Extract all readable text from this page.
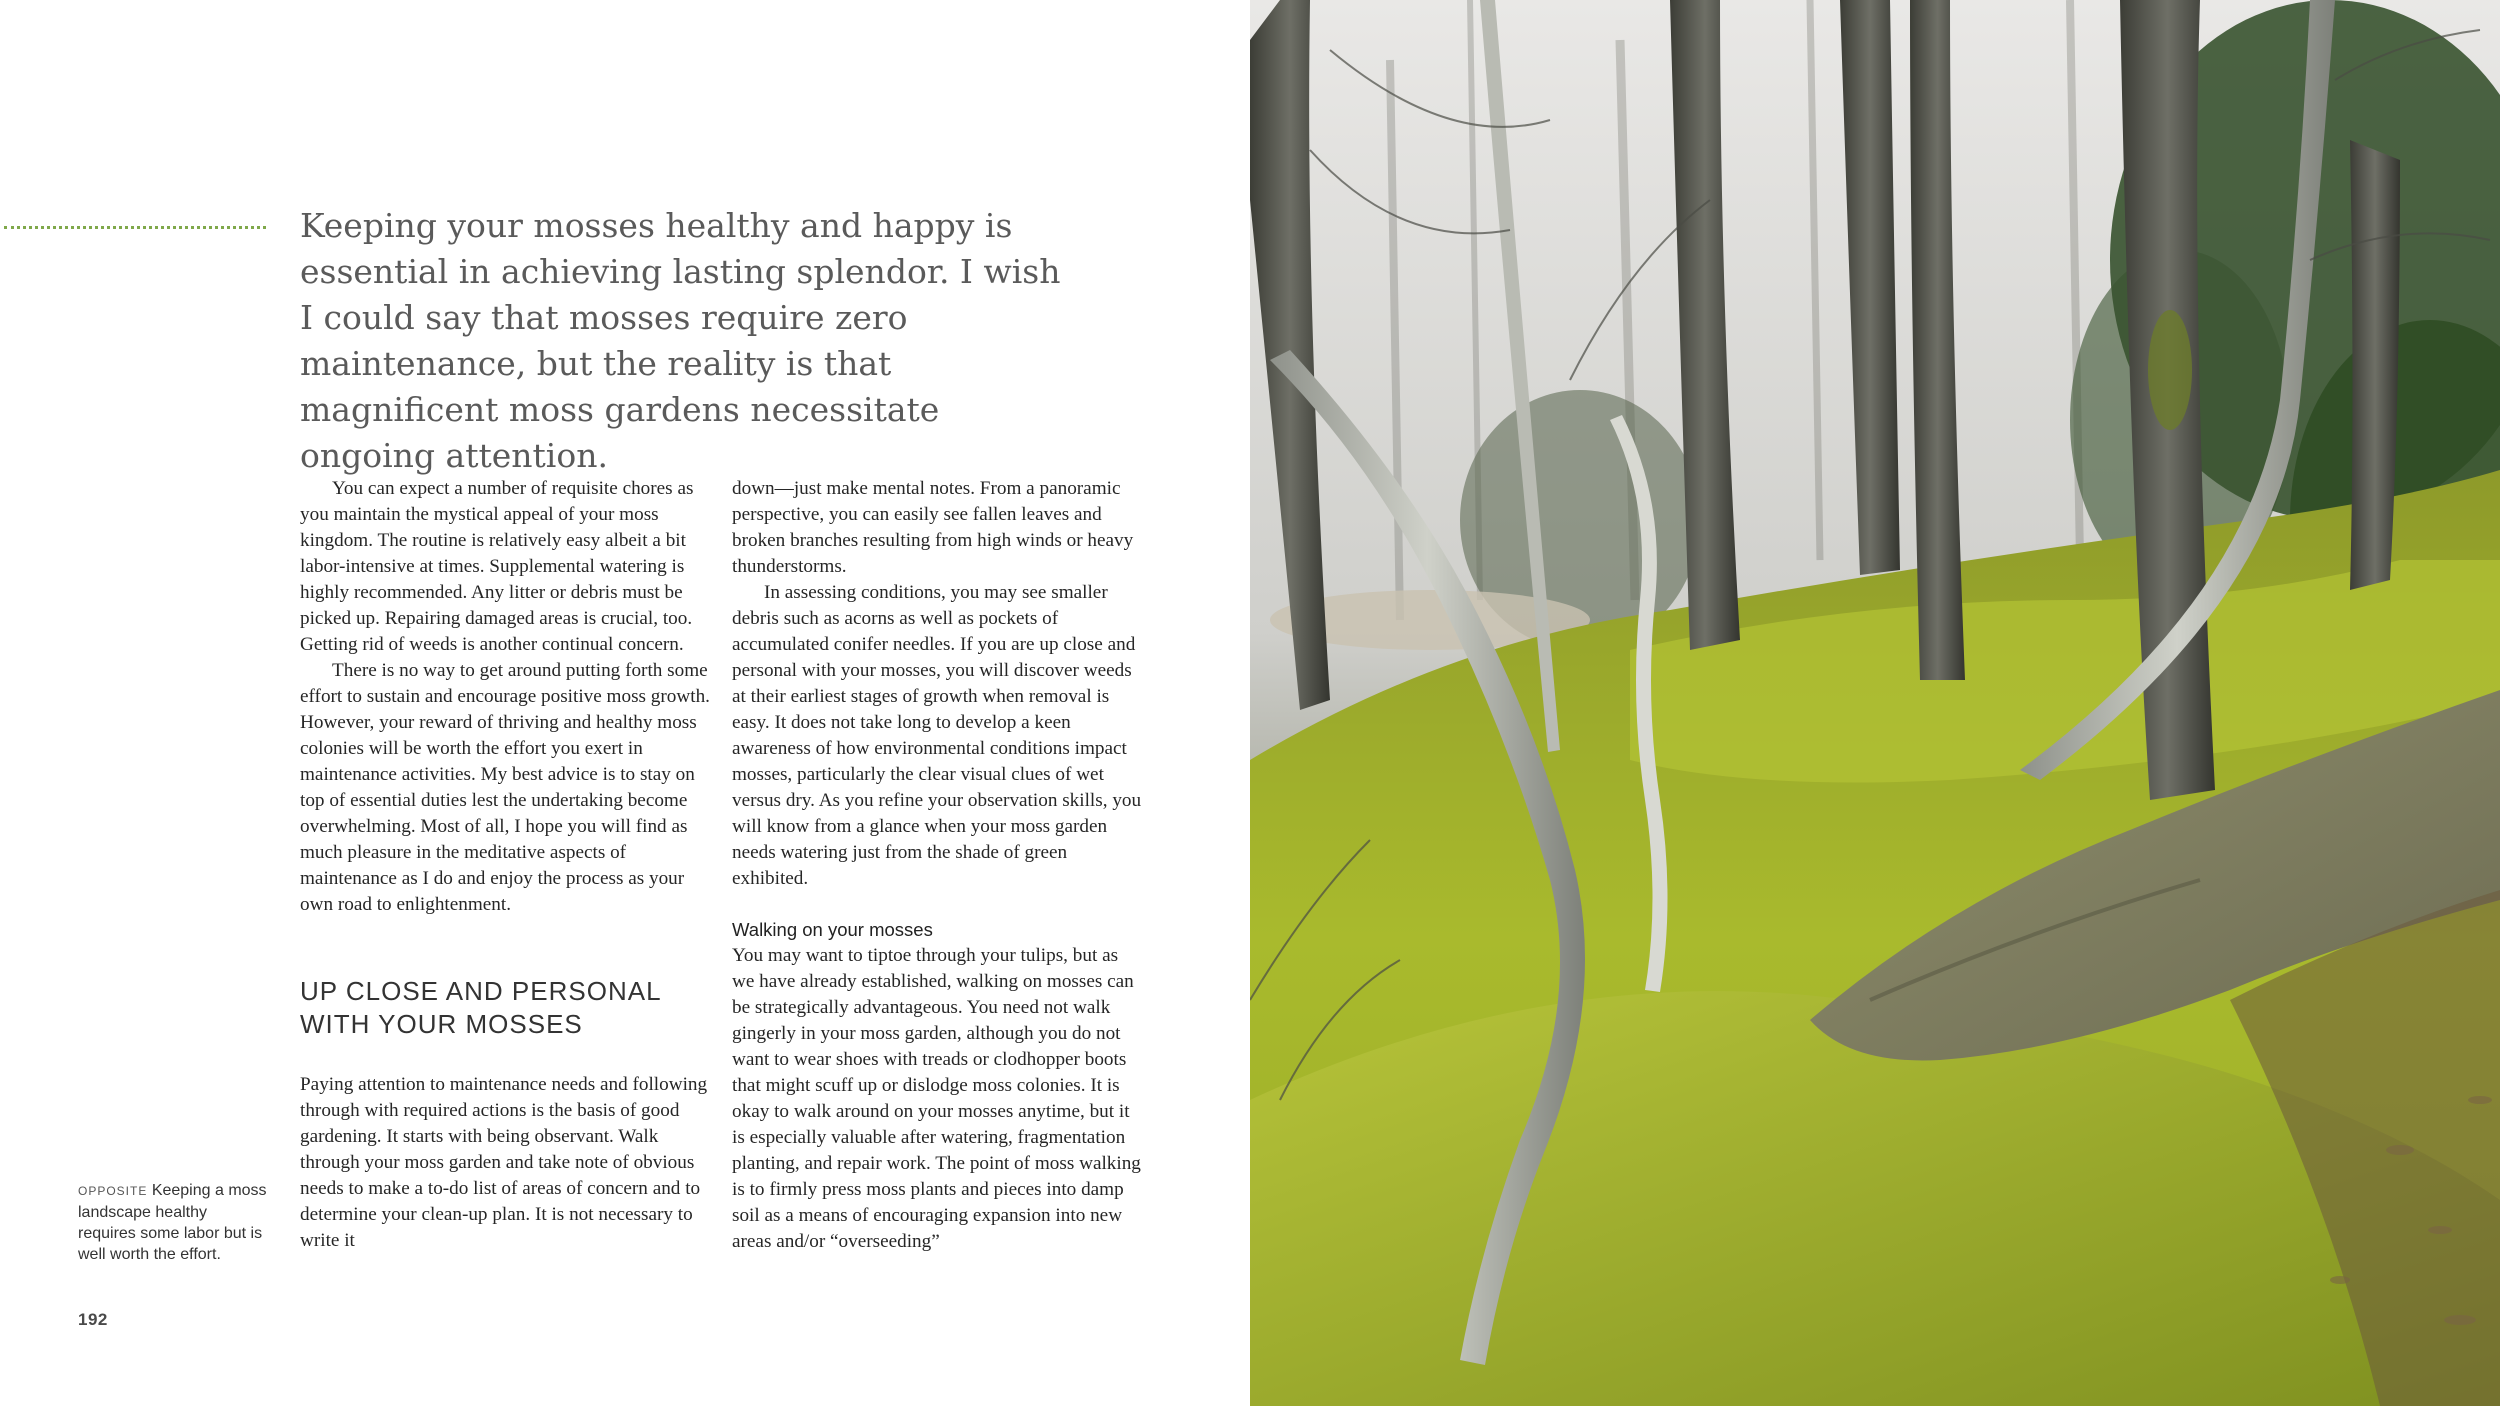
Keeping your mosses healthy and happy is essential in achieving lasting splendor. I wish I could say that mosses require zero maintenance, but the reality is that magnificent moss gardens necessitate ongoing attention.

You can expect a number of requisite chores as you maintain the mystical appeal of your moss kingdom. The routine is relatively easy albeit a bit labor-intensive at times. Supplemental watering is highly recommended. Any litter or debris must be picked up. Repairing damaged areas is crucial, too. Getting rid of weeds is another continual concern.

There is no way to get around putting forth some effort to sustain and encourage positive moss growth. However, your reward of thriving and healthy moss colonies will be worth the effort you exert in maintenance activities. My best advice is to stay on top of essential duties lest the undertaking become overwhelming. Most of all, I hope you will find as much pleasure in the meditative aspects of maintenance as I do and enjoy the process as your own road to enlightenment.

UP CLOSE AND PERSONAL WITH YOUR MOSSES

Paying attention to maintenance needs and following through with required actions is the basis of good gardening. It starts with being observant. Walk through your moss garden and take note of obvious needs to make a to-do list of areas of concern and to determine your clean-up plan. It is not necessary to write it

down—just make mental notes. From a panoramic perspective, you can easily see fallen leaves and broken branches resulting from high winds or heavy thunderstorms.

In assessing conditions, you may see smaller debris such as acorns as well as pockets of accumulated conifer needles. If you are up close and personal with your mosses, you will discover weeds at their earliest stages of growth when removal is easy. It does not take long to develop a keen awareness of how environmental conditions impact mosses, particularly the clear visual clues of wet versus dry. As you refine your observation skills, you will know from a glance when your moss garden needs watering just from the shade of green exhibited.

Walking on your mosses

You may want to tiptoe through your tulips, but as we have already established, walking on mosses can be strategically advantageous. You need not walk gingerly in your moss garden, although you do not want to wear shoes with treads or clodhopper boots that might scuff up or dislodge moss colonies. It is okay to walk around on your mosses anytime, but it is especially valuable after watering, fragmentation planting, and repair work. The point of moss walking is to firmly press moss plants and pieces into damp soil as a means of encouraging expansion into new areas and/or “overseeding”

OPPOSITE Keeping a moss landscape healthy requires some labor but is well worth the effort.
192
